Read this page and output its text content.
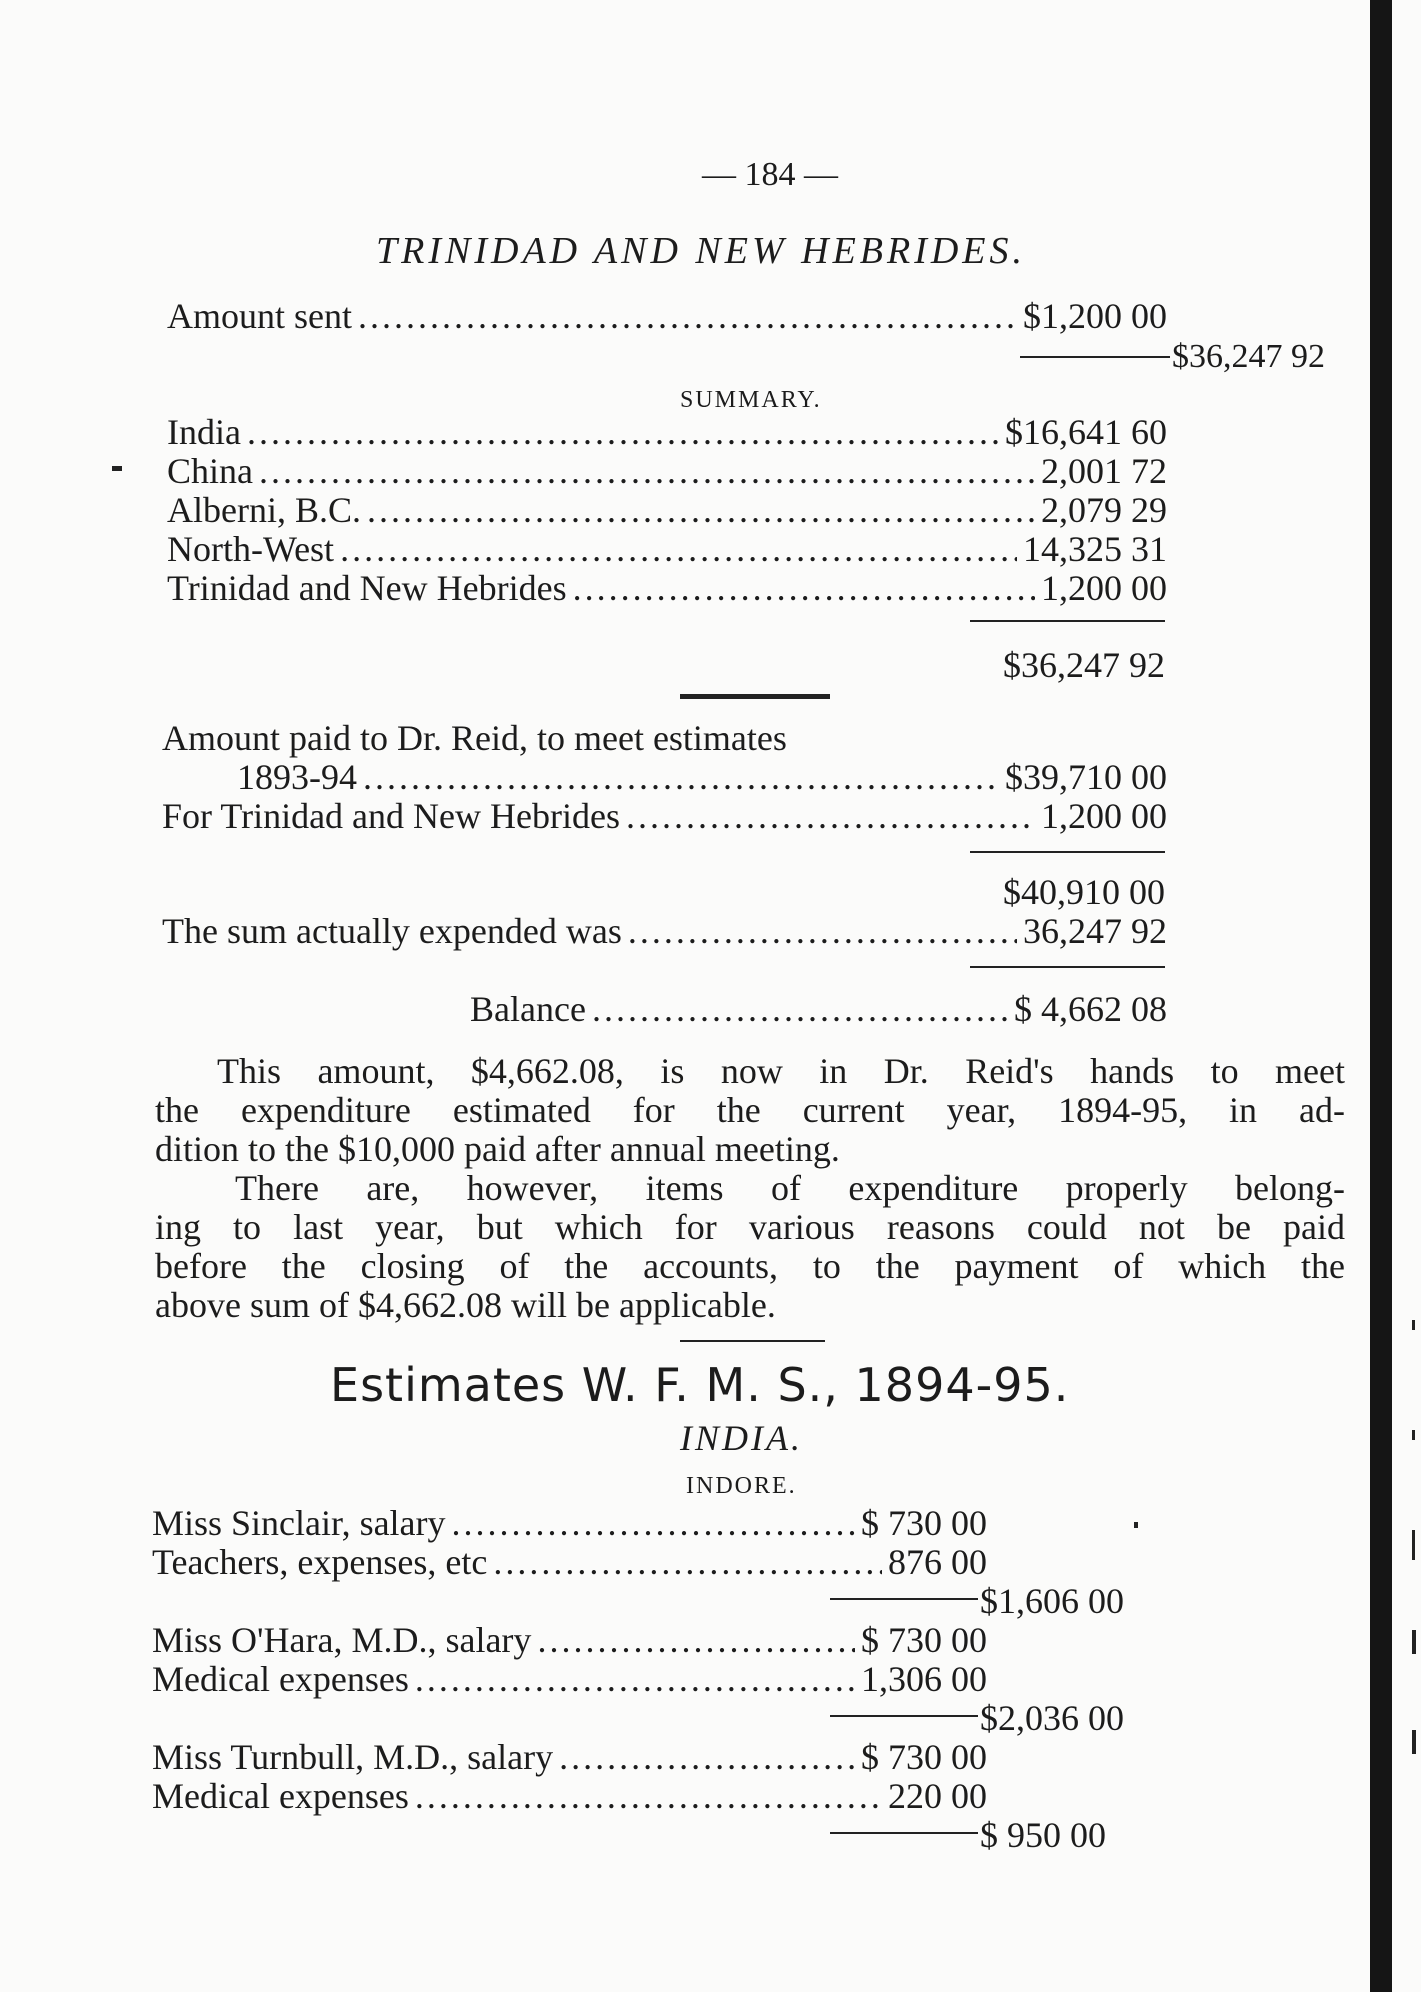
— 184 —
TRINIDAD AND NEW HEBRIDES.
Amount sent .....	$1,200 00
$36,247 92
SUMMARY.
India .....	$16,641 60
China .....	2,001 72
Alberni, B.C. .....	2,079 29
North-West .....	14,325 31
Trinidad and New Hebrides .....	1,200 00
$36,247 92
Amount paid to Dr. Reid, to meet estimates
1893-94 .....	$39,710 00
For Trinidad and New Hebrides .....	1,200 00
$40,910 00
The sum actually expended was .....	36,247 92
Balance .....	$ 4,662 08
This amount, $4,662.08, is now in Dr. Reid's hands to meet
the expenditure estimated for the current year, 1894-95, in ad-
dition to the $10,000 paid after annual meeting.
There are, however, items of expenditure properly belong-
ing to last year, but which for various reasons could not be paid
before the closing of the accounts, to the payment of which the
above sum of $4,662.08 will be applicable.
Estimates W. F. M. S., 1894-95.
INDIA.
INDORE.
Miss Sinclair, salary .....	$ 730 00
Teachers, expenses, etc .....	876 00
$1,606 00
Miss O'Hara, M.D., salary .....	$ 730 00
Medical expenses .....	1,306 00
$2,036 00
Miss Turnbull, M.D., salary .....	$ 730 00
Medical expenses .....	220 00
$ 950 00
